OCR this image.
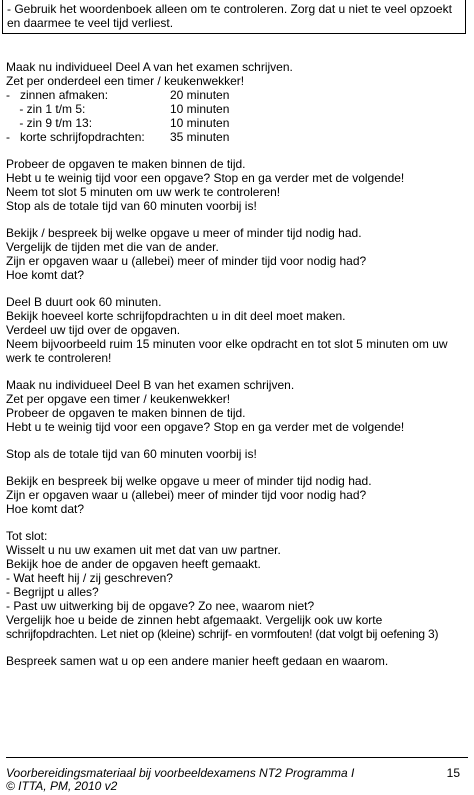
- Gebruik het woordenboek alleen om te controleren. Zorg dat u niet te veel opzoekt
en daarmee te veel tijd verliest.
Maak nu individueel Deel A van het examen schrijven.
Zet per onderdeel een timer / keukenwekker!
-   zinnen afmaken:	20 minuten
- zin 1 t/m 5:	10 minuten
- zin 9 t/m 13:	10 minuten
-   korte schrijfopdrachten: 35 minuten
Probeer de opgaven te maken binnen de tijd.
Hebt u te weinig tijd voor een opgave? Stop en ga verder met de volgende!
Neem tot slot 5 minuten om uw werk te controleren!
Stop als de totale tijd van 60 minuten voorbij is!
Bekijk / bespreek bij welke opgave u meer of minder tijd nodig had.
Vergelijk de tijden met die van de ander.
Zijn er opgaven waar u (allebei) meer of minder tijd voor nodig had?
Hoe komt dat?
Deel B duurt ook 60 minuten.
Bekijk hoeveel korte schrijfopdrachten u in dit deel moet maken.
Verdeel uw tijd over de opgaven.
Neem bijvoorbeeld ruim 15 minuten voor elke opdracht en tot slot 5 minuten om uw
werk te controleren!
Maak nu individueel Deel B van het examen schrijven.
Zet per opgave een timer / keukenwekker!
Probeer de opgaven te maken binnen de tijd.
Hebt u te weinig tijd voor een opgave? Stop en ga verder met de volgende!
Stop als de totale tijd van 60 minuten voorbij is!
Bekijk en bespreek bij welke opgave u meer of minder tijd nodig had.
Zijn er opgaven waar u (allebei) meer of minder tijd voor nodig had?
Hoe komt dat?
Tot slot:
Wisselt u nu uw examen uit met dat van uw partner.
Bekijk hoe de ander de opgaven heeft gemaakt.
- Wat heeft hij / zij geschreven?
- Begrijpt u alles?
- Past uw uitwerking bij de opgave? Zo nee, waarom niet?
Vergelijk hoe u beide de zinnen hebt afgemaakt. Vergelijk ook uw korte
schrijfopdrachten. Let niet op (kleine) schrijf- en vormfouten! (dat volgt bij oefening 3)
Bespreek samen wat u op een andere manier heeft gedaan en waarom.
Voorbereidingsmateriaal bij voorbeeldexamens NT2 Programma I
© ITTA, PM, 2010 v2
15
